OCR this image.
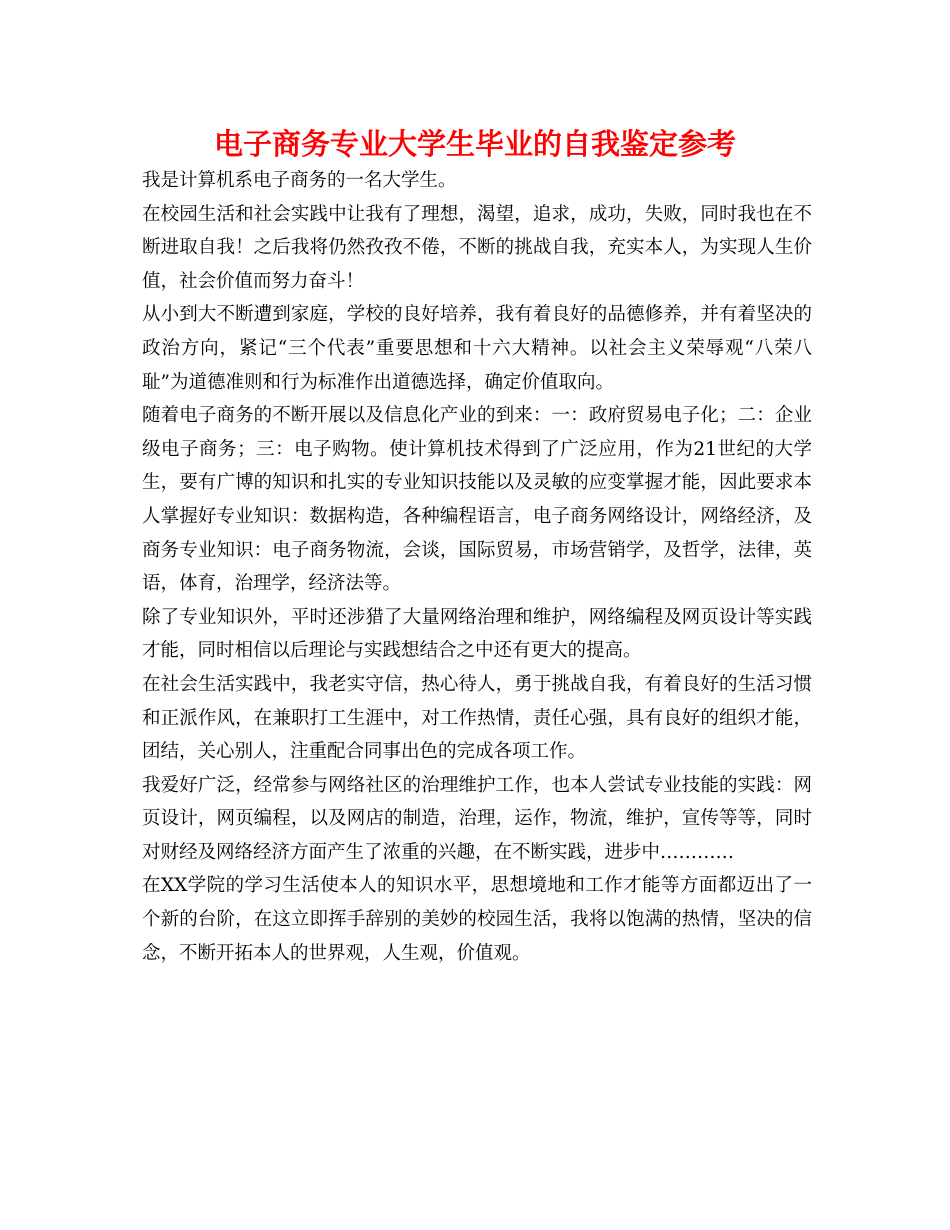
电子商务专业大学生毕业的自我鉴定参考

我是计算机系电子商务的一名大学生。

在校园生活和社会实践中让我有了理想，渴望，追求，成功，失败，同时我也在不断进取自我！之后我将仍然孜孜不倦，不断的挑战自我，充实本人，为实现人生价值，社会价值而努力奋斗！

从小到大不断遭到家庭，学校的良好培养，我有着良好的品德修养，并有着坚决的政治方向，紧记“三个代表”重要思想和十六大精神。以社会主义荣辱观“八荣八耻”为道德准则和行为标准作出道德选择，确定价值取向。

随着电子商务的不断开展以及信息化产业的到来：一：政府贸易电子化；二：企业级电子商务；三：电子购物。使计算机技术得到了广泛应用，作为21世纪的大学生，要有广博的知识和扎实的专业知识技能以及灵敏的应变掌握才能，因此要求本人掌握好专业知识：数据构造，各种编程语言，电子商务网络设计，网络经济，及商务专业知识：电子商务物流，会谈，国际贸易，市场营销学，及哲学，法律，英语，体育，治理学，经济法等。

除了专业知识外，平时还涉猎了大量网络治理和维护，网络编程及网页设计等实践才能，同时相信以后理论与实践想结合之中还有更大的提高。

在社会生活实践中，我老实守信，热心待人，勇于挑战自我，有着良好的生活习惯和正派作风，在兼职打工生涯中，对工作热情，责任心强，具有良好的组织才能，团结，关心别人，注重配合同事出色的完成各项工作。

我爱好广泛，经常参与网络社区的治理维护工作，也本人尝试专业技能的实践：网页设计，网页编程，以及网店的制造，治理，运作，物流，维护，宣传等等，同时对财经及网络经济方面产生了浓重的兴趣，在不断实践，进步中…………

在XX学院的学习生活使本人的知识水平，思想境地和工作才能等方面都迈出了一个新的台阶，在这立即挥手辞别的美妙的校园生活，我将以饱满的热情，坚决的信念，不断开拓本人的世界观，人生观，价值观。
